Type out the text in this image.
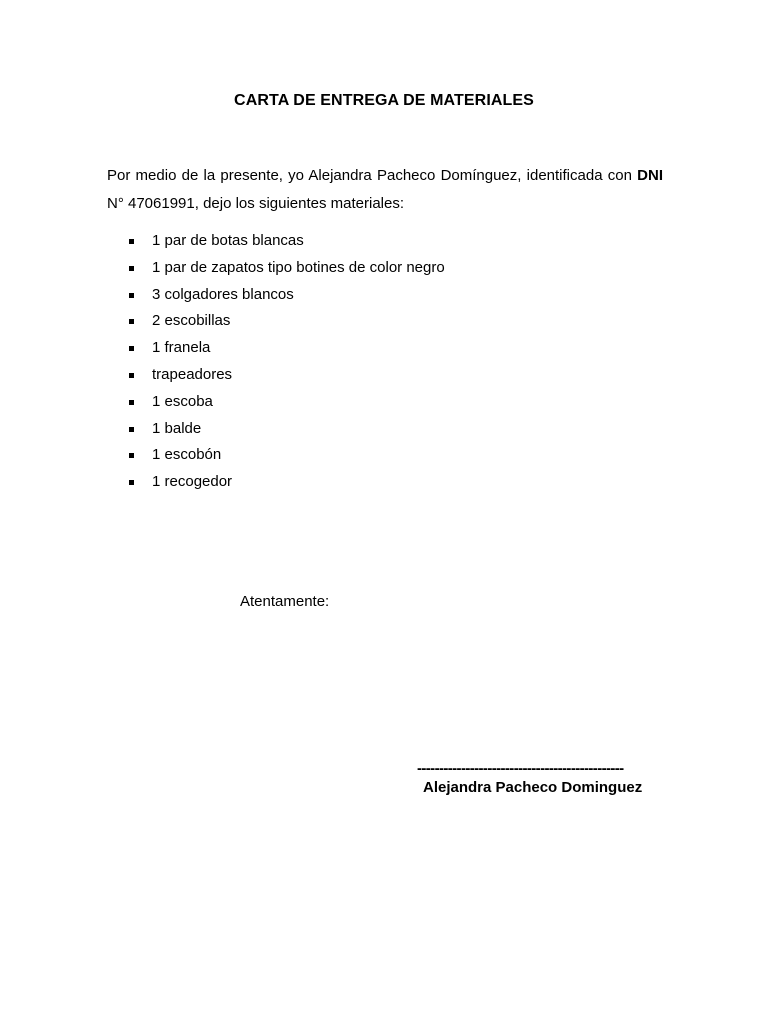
CARTA DE ENTREGA DE MATERIALES

Por medio de la presente, yo Alejandra Pacheco Domínguez, identificada con DNI N° 47061991, dejo los siguientes materiales:

1 par de botas blancas
1 par de zapatos tipo botines de color negro
3 colgadores blancos
2 escobillas
1 franela
trapeadores
1 escoba
1 balde
1 escobón
1 recogedor
Atentamente:
-----------------------------------------------
Alejandra Pacheco Dominguez
